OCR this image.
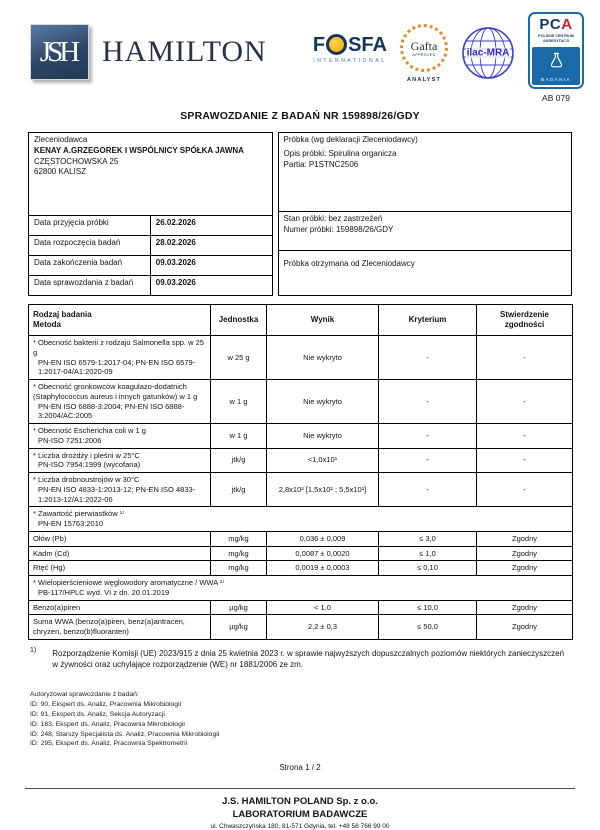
JSH HAMILTON F SFA
INTERNATIONAL
Gafta
APPROVED
ANALYST
ilac-MRA
PCA
POLSKIE CENTRUM
AKREDYTACJI
BADANIA
AB 079
SPRAWOZDANIE Z BADAŃ NR 159898/26/GDY
Zleceniodawca
KENAY A.GRZEGOREK I WSPÓLNICY SPÓŁKA JAWNA
CZĘSTOCHOWSKA 25
62800 KALISZ	

Data przyjęcia próbki	26.02.2026
Data rozpoczęcia badań	28.02.2026
Data zakończenia badań	09.03.2026
Data sprawozdania z badań	09.03.2026
Próbka (wg deklaracji Zleceniodawcy)
Opis próbki: Spirulina organicza
Partia: P1STNC2506

Stan próbki: bez zastrzeżeń
Numer próbki: 159898/26/GDY

Próbka otrzymana od Zleceniodawcy
Rodzaj badania
Metoda
	Jednostka	Wynik	Kryterium	
Stwierdzenie
zgodności

* Obecność bakterii z rodzaju Salmonella spp. w 25 g
PN-EN ISO 6579-1:2017-04; PN-EN ISO 6579-1:2017-04/A1:2020-09	w 25 g	Nie wykryto	-	-

* Obecność gronkowców koagulazo-dodatnich (Staphylococcus aureus i innych gatunków) w 1 g
PN-EN ISO 6888-3:2004; PN-EN ISO 6888-3:2004/AC:2005	w 1 g	Nie wykryto	-	-

* Obecność Escherichia coli w 1 g
PN-ISO 7251:2006	w 1 g	Nie wykryto	-	-

* Liczba drożdży i pleśni w 25°C
PN-ISO 7954:1999 (wycofana)	jtk/g	<1,0x10¹	-	-

* Liczba drobnoustrojów w 30°C
PN-EN ISO 4833-1:2013-12; PN-EN ISO 4833-1:2013-12/A1:2022-06	jtk/g	2,8x10² [1,5x10² ; 5,5x10²]	-	-

* Zawartość pierwiastków ¹⁾
PN-EN 15763:2010				

Ołów (Pb)	mg/kg	0,036 ± 0,009	≤ 3,0	Zgodny

Kadm (Cd)	mg/kg	0,0087 ± 0,0020	≤ 1,0	Zgodny

Rtęć (Hg)	mg/kg	0,0019 ± 0,0003	≤ 0,10	Zgodny

* Wielopierścieniowe węglowodory aromatyczne / WWA ¹⁾
PB-117/HPLC wyd. VI z dn. 20.01.2019				

Benzo(a)piren	µg/kg	< 1,0	≤ 10,0	Zgodny

Suma WWA (benzo(a)piren, benz(a)antracen, chryzen, benzo(b)fluoranten)	µg/kg	2,2 ± 0,3	≤ 50,0	Zgodny
1) Rozporządzenie Komisji (UE) 2023/915 z dnia 25 kwietnia 2023 r. w sprawie najwyższych dopuszczalnych poziomów niektórych zanieczyszczeń w żywności oraz uchylające rozporządzenie (WE) nr 1881/2006 ze zm.
Autoryzował sprawozdanie z badań:
ID: 90, Ekspert ds. Analiz, Pracownia Mikrobiologii
ID: 91, Ekspert ds. Analiz, Sekcja Autoryzacji
ID: 183, Ekspert ds. Analiz, Pracownia Mikrobiologii
ID: 248, Starszy Specjalista ds. Analiz, Pracownia Mikrobiologii
ID: 295, Ekspert ds. Analiz, Pracownia Spektrometrii
Strona 1 / 2
J.S. HAMILTON POLAND Sp. z o.o.
LABORATORIUM BADAWCZE
ul. Chwaszczyńska 180, 81-571 Gdynia, tel. +48 58 766 99 00
